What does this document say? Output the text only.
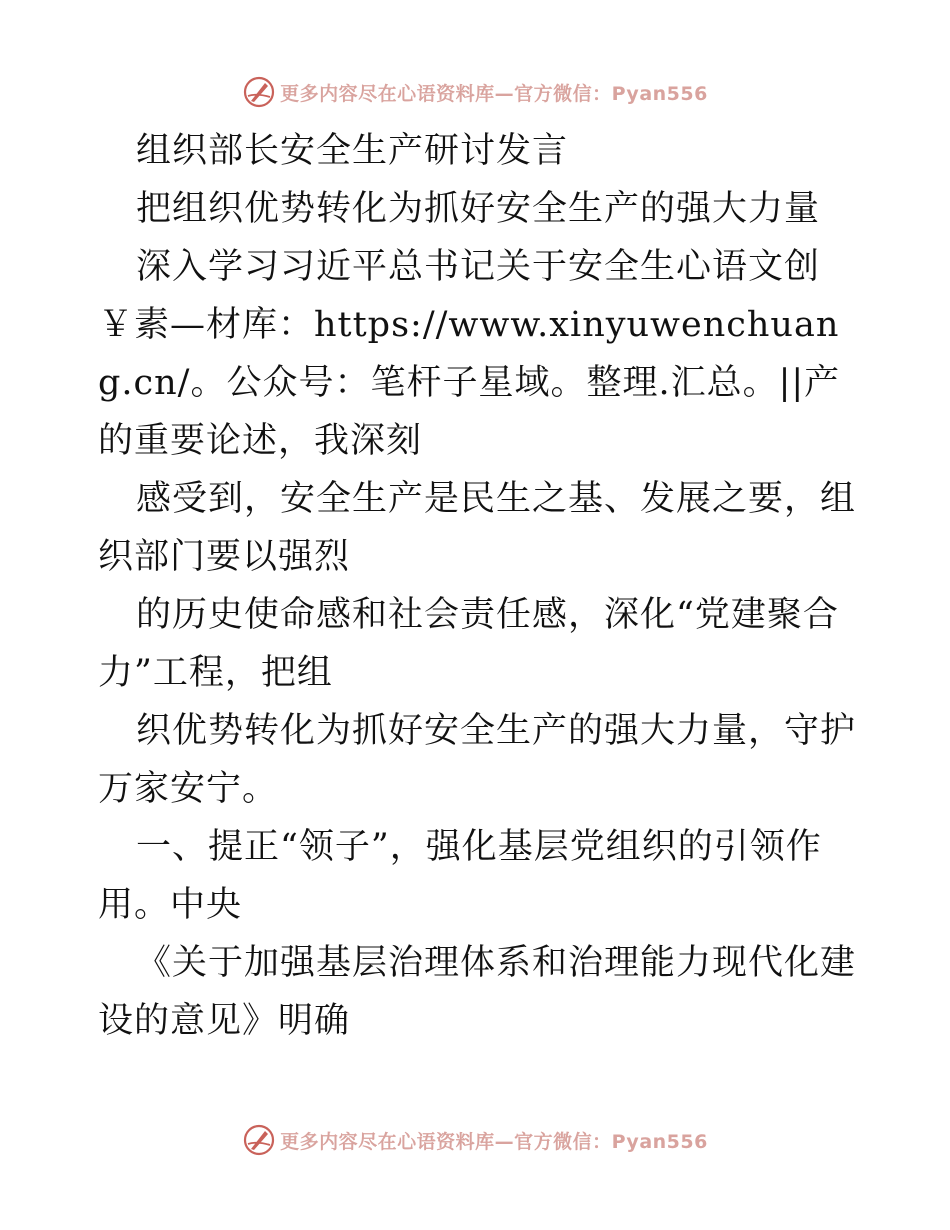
更多内容尽在心语资料库—官方微信：Pyan556

组织部长安全生产研讨发言

把组织优势转化为抓好安全生产的强大力量

深入学习习近平总书记关于安全生心语文创￥素—材库：https://www.xinyuwenchuang.cn/。公众号：笔杆子星域。整理.汇总。||产的重要论述，我深刻

感受到，安全生产是民生之基、发展之要，组织部门要以强烈

的历史使命感和社会责任感，深化“党建聚合力”工程，把组

织优势转化为抓好安全生产的强大力量，守护万家安宁。

一、提正“领子”，强化基层党组织的引领作用。中央

《关于加强基层治理体系和治理能力现代化建设的意见》明确

更多内容尽在心语资料库—官方微信：Pyan556
